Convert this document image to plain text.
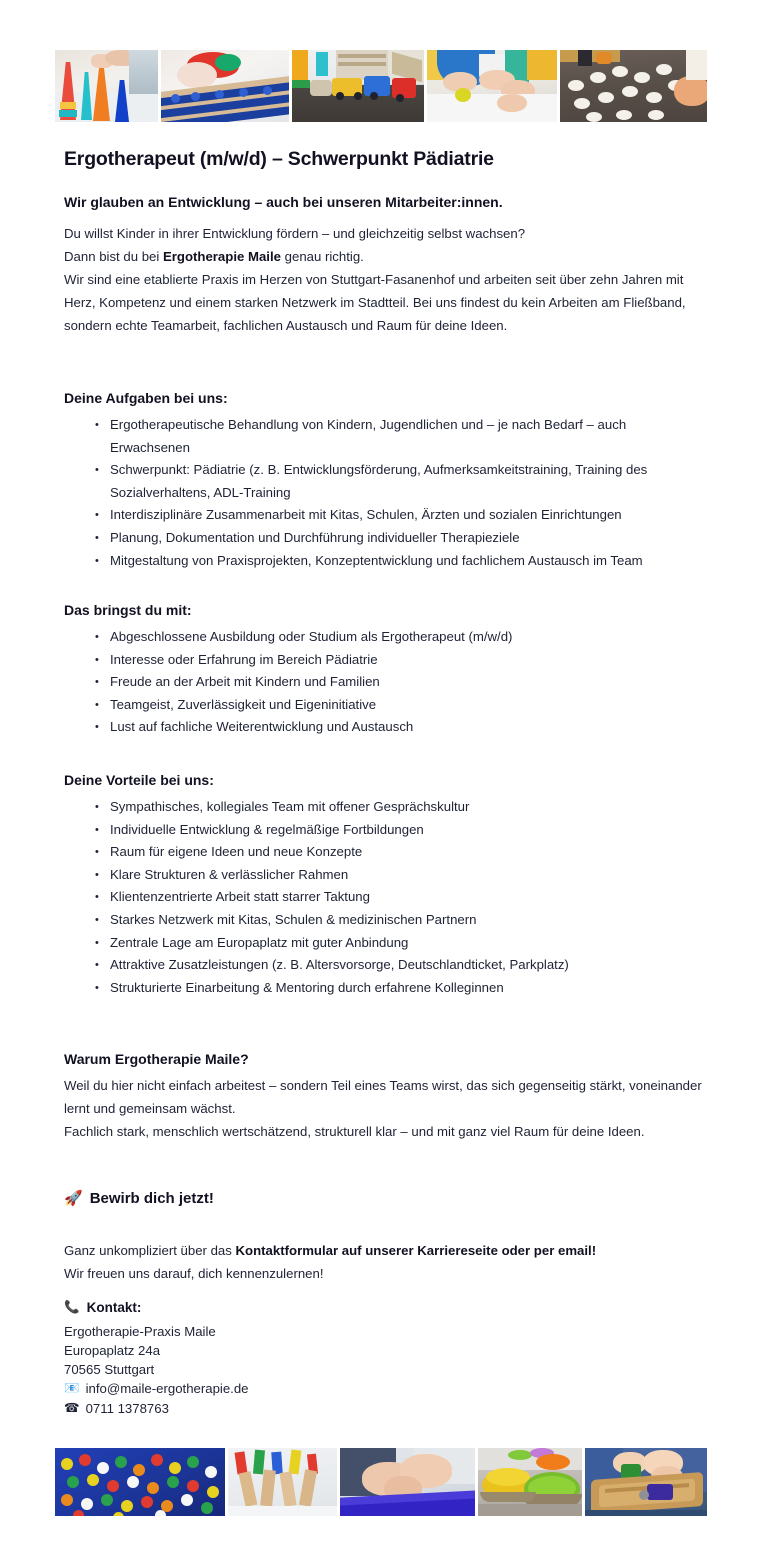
Ergotherapeut (m/w/d) – Schwerpunkt Pädiatrie
Wir glauben an Entwicklung – auch bei unseren Mitarbeiter:innen.
Du willst Kinder in ihrer Entwicklung fördern – und gleichzeitig selbst wachsen?
Dann bist du bei Ergotherapie Maile genau richtig.

Wir sind eine etablierte Praxis im Herzen von Stuttgart-Fasanenhof und arbeiten seit über zehn Jahren mit Herz, Kompetenz und einem starken Netzwerk im Stadtteil. Bei uns findest du kein Arbeiten am Fließband, sondern echte Teamarbeit, fachlichen Austausch und Raum für deine Ideen.

Deine Aufgaben bei uns:
• Ergotherapeutische Behandlung von Kindern, Jugendlichen und – je nach Bedarf – auch Erwachsenen
• Schwerpunkt: Pädiatrie (z. B. Entwicklungsförderung, Aufmerksamkeitstraining, Training des Sozialverhaltens, ADL-Training
• Interdisziplinäre Zusammenarbeit mit Kitas, Schulen, Ärzten und sozialen Einrichtungen
• Planung, Dokumentation und Durchführung individueller Therapieziele
• Mitgestaltung von Praxisprojekten, Konzeptentwicklung und fachlichem Austausch im Team
Das bringst du mit:
• Abgeschlossene Ausbildung oder Studium als Ergotherapeut (m/w/d)
• Interesse oder Erfahrung im Bereich Pädiatrie
• Freude an der Arbeit mit Kindern und Familien
• Teamgeist, Zuverlässigkeit und Eigeninitiative
• Lust auf fachliche Weiterentwicklung und Austausch
Deine Vorteile bei uns:
• Sympathisches, kollegiales Team mit offener Gesprächskultur
• Individuelle Entwicklung & regelmäßige Fortbildungen
• Raum für eigene Ideen und neue Konzepte
• Klare Strukturen & verlässlicher Rahmen
• Klientenzentrierte Arbeit statt starrer Taktung
• Starkes Netzwerk mit Kitas, Schulen & medizinischen Partnern
• Zentrale Lage am Europaplatz mit guter Anbindung
• Attraktive Zusatzleistungen (z. B. Altersvorsorge, Deutschlandticket, Parkplatz)
• Strukturierte Einarbeitung & Mentoring durch erfahrene Kolleginnen
Warum Ergotherapie Maile?

Weil du hier nicht einfach arbeitest – sondern Teil eines Teams wirst, das sich gegenseitig stärkt, voneinander lernt und gemeinsam wächst.

Fachlich stark, menschlich wertschätzend, strukturell klar – und mit ganz viel Raum für deine Ideen.

🚀 Bewirb dich jetzt!
Ganz unkompliziert über das Kontaktformular auf unserer Karriereseite oder per email!
Wir freuen uns darauf, dich kennenzulernen!
📞 Kontakt:
Ergotherapie-Praxis Maile
Europaplatz 24a
70565 Stuttgart
📧 info@maile-ergotherapie.de
☎ 0711 1378763
